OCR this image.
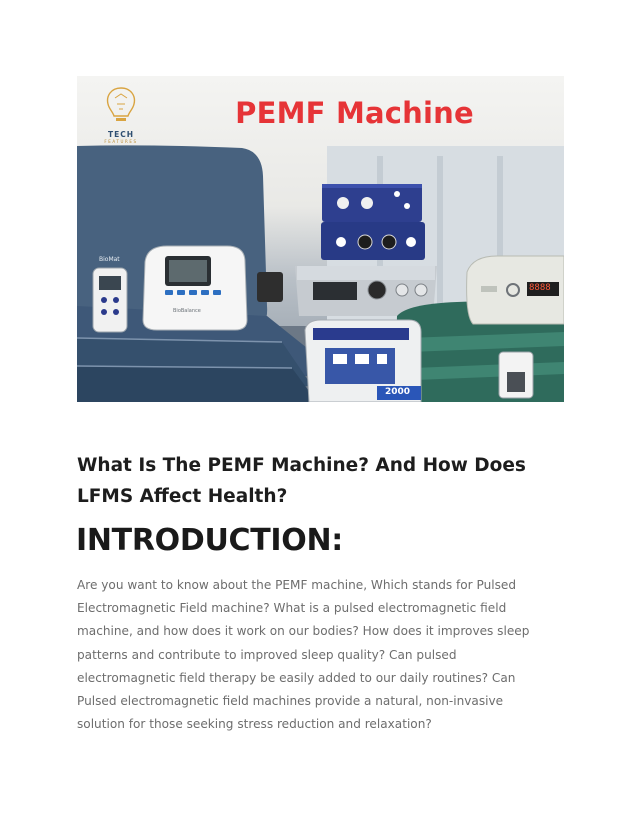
TECH
FEATURES
PEMF Machine
BioMat
BioBalance
8888
2000
What Is The PEMF Machine? And How Does LFMS Affect Health?
INTRODUCTION:
Are you want to know about the PEMF machine, Which stands for Pulsed
Electromagnetic Field machine? What is a pulsed electromagnetic field
machine, and how does it work on our bodies? How does it improves sleep
patterns and contribute to improved sleep quality? Can pulsed
electromagnetic field therapy be easily added to our daily routines? Can
Pulsed electromagnetic field machines provide a natural, non-invasive
solution for those seeking stress reduction and relaxation?
